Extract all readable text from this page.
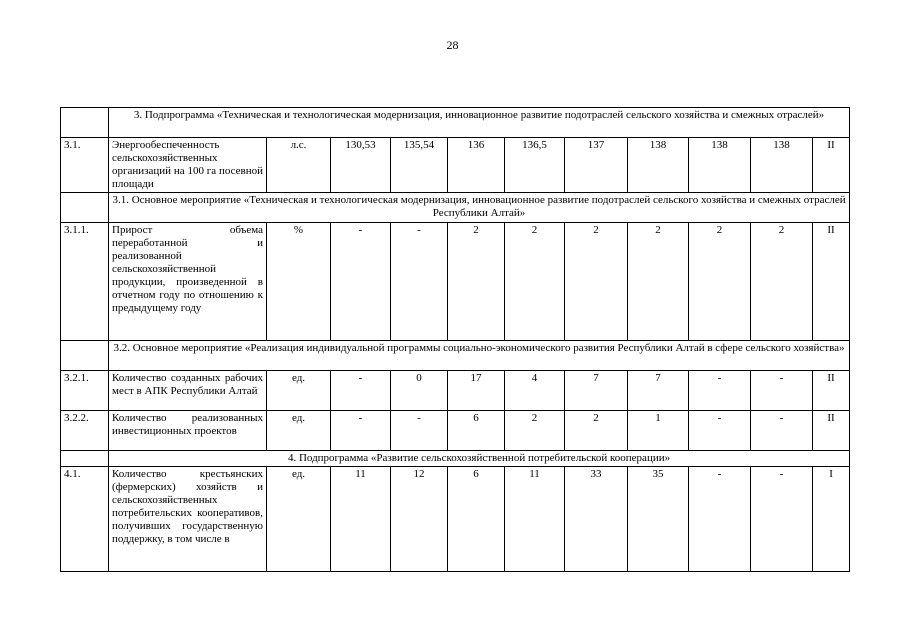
28
	3. Подпрограмма «Техническая и технологическая модернизация, инновационное развитие подотраслей сельского хозяйства и смежных отраслей»										
3.1.	Энергообеспеченность сельскохозяйственных организаций на 100 га посевной площади	л.с.	130,53	135,54	136	136,5	137	138	138	138	II
	3.1. Основное мероприятие «Техническая и технологическая модернизация, инновационное развитие подотраслей сельского хозяйства и смежных отраслей Республики Алтай»										
3.1.1.	Прирост объема переработанной и реализованной сельскохозяйственной продукции, произведенной в отчетном году по отношению к предыдущему году	%	-	-	2	2	2	2	2	2	II
	3.2. Основное мероприятие «Реализация индивидуальной программы социально-экономического развития Республики Алтай в сфере сельского хозяйства»										
3.2.1.	Количество созданных рабочих мест в АПК Республики Алтай	ед.	-	0	17	4	7	7	-	-	II
3.2.2.	Количество реализованных инвестиционных проектов	ед.	-	-	6	2	2	1	-	-	II
	4. Подпрограмма «Развитие сельскохозяйственной потребительской кооперации»										
4.1.	Количество крестьянских (фермерских) хозяйств и сельскохозяйственных потребительских кооперативов, получивших государственную поддержку, в том числе в	ед.	11	12	6	11	33	35	-	-	I
